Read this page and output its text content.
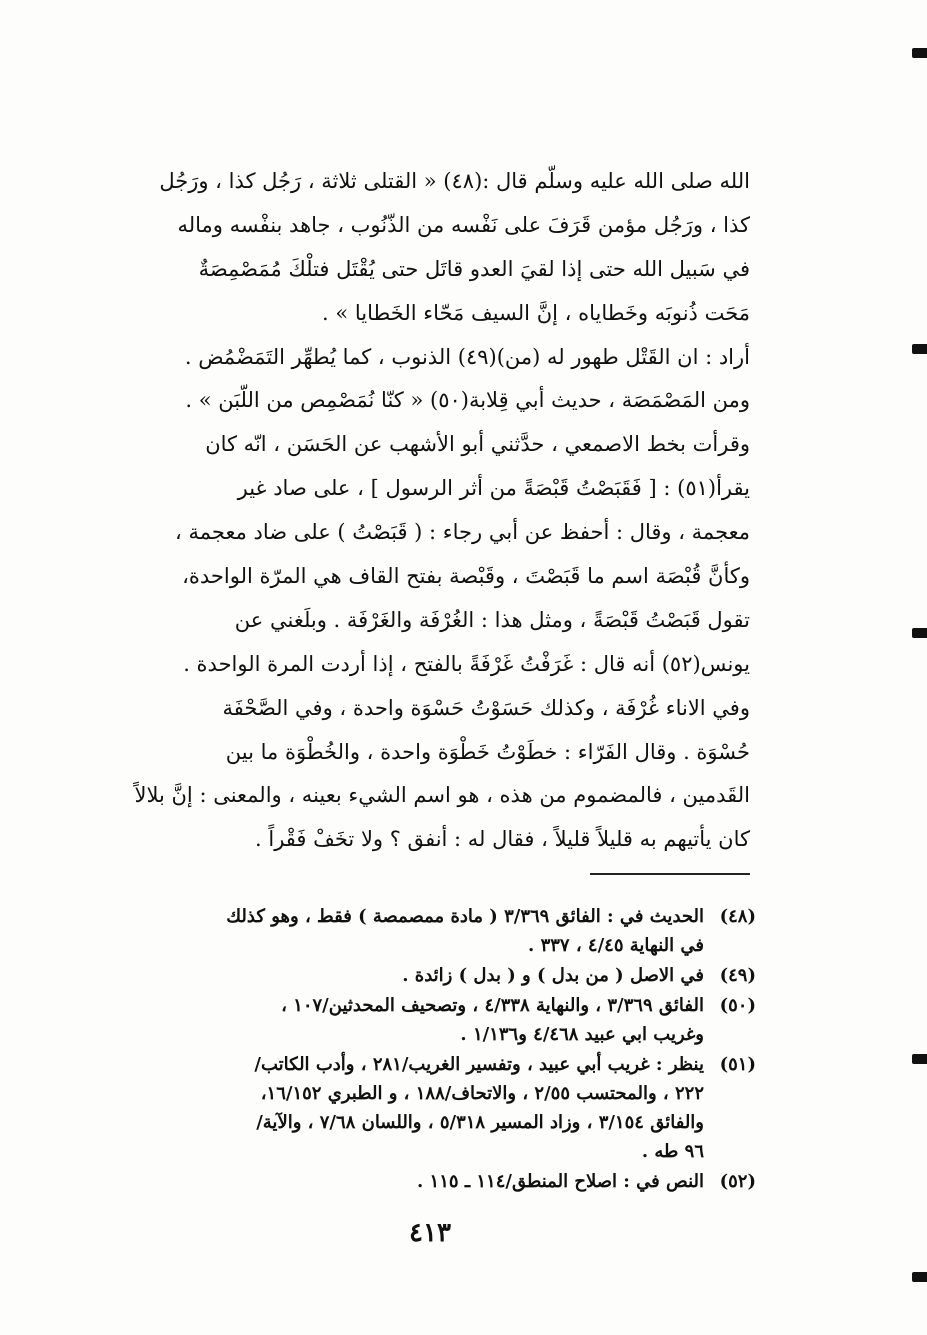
الله صلى الله عليه وسلّم قال :(٤٨) « القتلى ثلاثة ، رَجُل كذا ، ورَجُل
كذا ، ورَجُل مؤمن قَرَفَ على نَفْسه من الذّنُوب ، جاهد بنفْسه وماله
في سَبيل الله حتى إذا لقيَ العدو قاتَل حتى يُقْتَل فتلْكَ مُمَصْمِصَةٌ
مَحَت ذُنوبَه وخَطاياه ، إنَّ السيف مَحّاء الخَطايا » .
أراد : ان القَتْل طهور له (من)(٤٩) الذنوب ، كما يُطهِّر التَمَضْمُض .
ومن المَصْمَصَة ، حديث أبي قِلابة(٥٠) « كنّا نُمَصْمِص من اللّبَن » .
وقرأت بخط الاصمعي ، حدَّثني أبو الأشهب عن الحَسَن ، انّه كان
يقرأ(٥١) : [ فَقَبَصْتُ قَبْصَةً من أثر الرسول ] ، على صاد غير
معجمة ، وقال : أحفظ عن أبي رجاء : ( قَبَصْتُ ) على ضاد معجمة ،
وكأنَّ قُبْصَة اسم ما قَبَصْتَ ، وقَبْصة بفتح القاف هي المرّة الواحدة،
تقول قَبَصْتُ قَبْصَةً ، ومثل هذا : الغُرْفَة والغَرْفَة . وبلَغني عن
يونس(٥٢) أنه قال : غَرَفْتُ غَرْفَةً بالفتح ، إذا أردت المرة الواحدة .
وفي الاناء غُرْفَة ، وكذلك حَسَوْتُ حَسْوَة واحدة ، وفي الصَّحْفَة
حُسْوَة . وقال الفَرّاء : خطَوْتُ خَطْوَة واحدة ، والخُطْوَة ما بين
القَدمين ، فالمضموم من هذه ، هو اسم الشيء بعينه ، والمعنى : إنَّ بلالاً
كان يأتيهم به قليلاً قليلاً ، فقال له : أنفق ؟ ولا تخَفْ فَقْراً .
(٤٨)
الحديث في : الفائق ٣/٣٦٩ ( مادة ممصمصة ) فقط ، وهو كذلك
في النهاية ٤/٤٥ ، ٣٣٧ .
(٤٩)
في الاصل ( من بدل ) و ( بدل ) زائدة .
(٥٠)
الفائق ٣/٣٦٩ ، والنهاية ٤/٣٣٨ ، وتصحيف المحدثين/١٠٧ ،
وغريب ابي عبيد ٤/٤٦٨ و١/١٣٦ .
(٥١)
ينظر : غريب أبي عبيد ، وتفسير الغريب/٢٨١ ، وأدب الكاتب/
٢٢٢ ، والمحتسب ٢/٥٥ ، والاتحاف/١٨٨ ، و الطبري ١٦/١٥٢،
والفائق ٣/١٥٤ ، وزاد المسير ٥/٣١٨ ، واللسان ٧/٦٨ ، والآية/
٩٦ طه .
(٥٢)
النص في : اصلاح المنطق/١١٤ ـ ١١٥ .
٤١٣
